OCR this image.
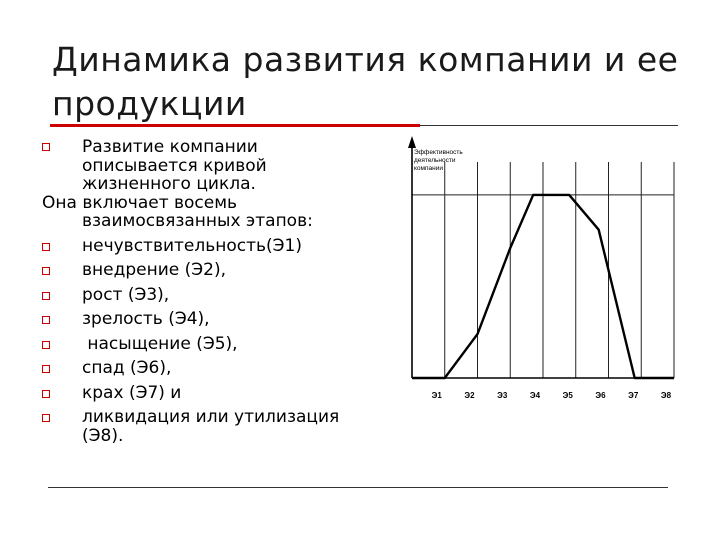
Динамика развития компании и ее продукции
Развитие компании описывается кривой жизненного цикла.
Она включает восемь взаимосвязанных этапов:
нечувствительность(Э1)
внедрение (Э2),
рост (Э3),
зрелость (Э4),
насыщение (Э5),
спад (Э6),
крах (Э7) и
ликвидация или утилизация (Э8).
Эффективность деятельности компании
Э1	Э2	Э3	Э4	Э5	Э6	Э7	Э8
